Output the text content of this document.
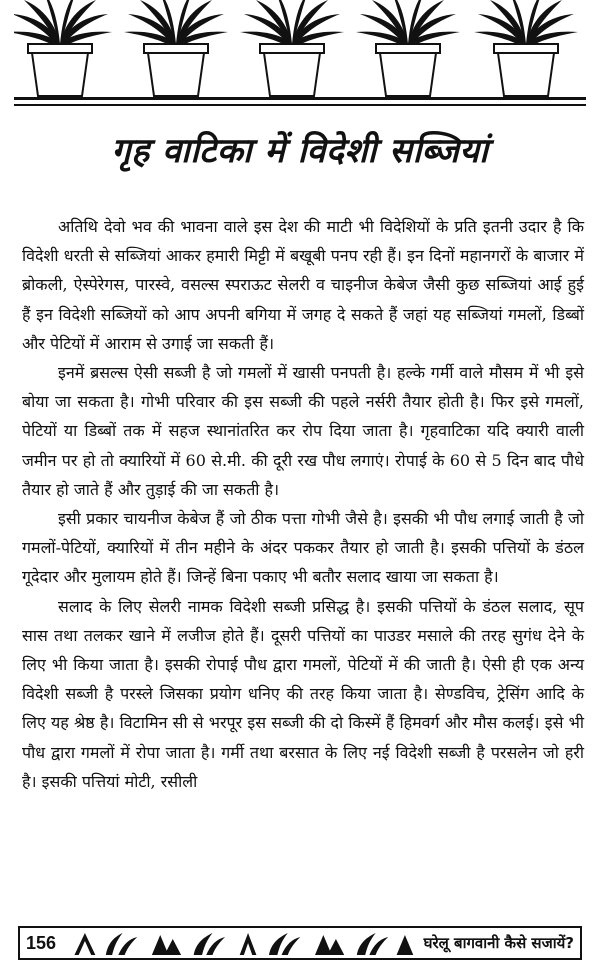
गृह वाटिका में विदेशी सब्जियां

अतिथि देवो भव की भावना वाले इस देश की माटी भी विदेशियों के प्रति इतनी उदार है कि विदेशी धरती से सब्जियां आकर हमारी मिट्टी में बखूबी पनप रही हैं। इन दिनों महानगरों के बाजार में ब्रोकली, ऐस्पेरेगस, पारस्वे, वसल्स स्पराऊट सेलरी व चाइनीज केबेज जैसी कुछ सब्जियां आई हुई हैं इन विदेशी सब्जियों को आप अपनी बगिया में जगह दे सकते हैं जहां यह सब्जियां गमलों, डिब्बों और पेटियों में आराम से उगाई जा सकती हैं।

इनमें ब्रसल्स ऐसी सब्जी है जो गमलों में खासी पनपती है। हल्के गर्मी वाले मौसम में भी इसे बोया जा सकता है। गोभी परिवार की इस सब्जी की पहले नर्सरी तैयार होती है। फिर इसे गमलों, पेटियों या डिब्बों तक में सहज स्थानांतरित कर रोप दिया जाता है। गृहवाटिका यदि क्यारी वाली जमीन पर हो तो क्यारियों में 60 से.मी. की दूरी रख पौध लगाएं। रोपाई के 60 से 5 दिन बाद पौधे तैयार हो जाते हैं और तुड़ाई की जा सकती है।

इसी प्रकार चायनीज केबेज हैं जो ठीक पत्ता गोभी जैसे है। इसकी भी पौध लगाई जाती है जो गमलों-पेटियों, क्यारियों में तीन महीने के अंदर पककर तैयार हो जाती है। इसकी पत्तियों के डंठल गूदेदार और मुलायम होते हैं। जिन्हें बिना पकाए भी बतौर सलाद खाया जा सकता है।

सलाद के लिए सेलरी नामक विदेशी सब्जी प्रसिद्ध है। इसकी पत्तियों के डंठल सलाद, सूप सास तथा तलकर खाने में लजीज होते हैं। दूसरी पत्तियों का पाउडर मसाले की तरह सुगंध देने के लिए भी किया जाता है। इसकी रोपाई पौध द्वारा गमलों, पेटियों में की जाती है। ऐसी ही एक अन्य विदेशी सब्जी है परस्ले जिसका प्रयोग धनिए की तरह किया जाता है। सेण्डविच, ट्रेसिंग आदि के लिए यह श्रेष्ठ है। विटामिन सी से भरपूर इस सब्जी की दो किस्में हैं हिमवर्ग और मौस कलई। इसे भी पौध द्वारा गमलों में रोपा जाता है। गर्मी तथा बरसात के लिए नई विदेशी सब्जी है परसलेन जो हरी है। इसकी पत्तियां मोटी, रसीली

156	घरेलू बागवानी कैसे सजायें?
